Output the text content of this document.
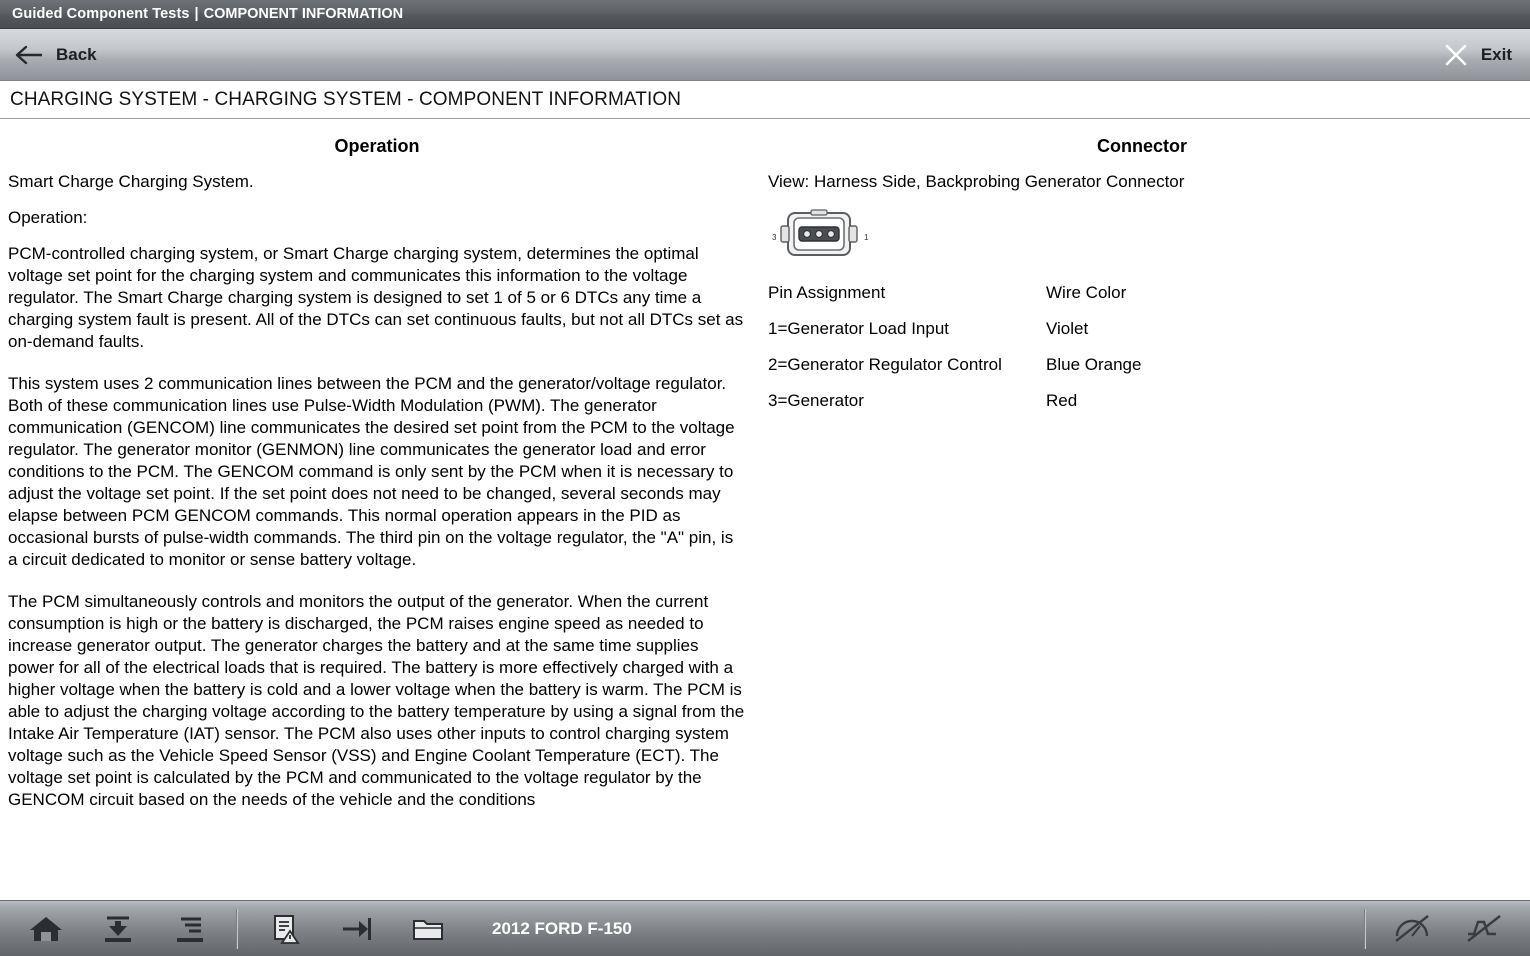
Guided Component Tests | COMPONENT INFORMATION
Back	Exit
CHARGING SYSTEM - CHARGING SYSTEM - COMPONENT INFORMATION
Operation

Smart Charge Charging System.

Operation:

PCM-controlled charging system, or Smart Charge charging system, determines the optimal voltage set point for the charging system and communicates this information to the voltage regulator. The Smart Charge charging system is designed to set 1 of 5 or 6 DTCs any time a charging system fault is present. All of the DTCs can set continuous faults, but not all DTCs set as on-demand faults.

This system uses 2 communication lines between the PCM and the generator/voltage regulator. Both of these communication lines use Pulse-Width Modulation (PWM). The generator communication (GENCOM) line communicates the desired set point from the PCM to the voltage regulator. The generator monitor (GENMON) line communicates the generator load and error conditions to the PCM. The GENCOM command is only sent by the PCM when it is necessary to adjust the voltage set point. If the set point does not need to be changed, several seconds may elapse between PCM GENCOM commands. This normal operation appears in the PID as occasional bursts of pulse-width commands. The third pin on the voltage regulator, the "A" pin, is a circuit dedicated to monitor or sense battery voltage.

The PCM simultaneously controls and monitors the output of the generator. When the current consumption is high or the battery is discharged, the PCM raises engine speed as needed to increase generator output. The generator charges the battery and at the same time supplies power for all of the electrical loads that is required. The battery is more effectively charged with a higher voltage when the battery is cold and a lower voltage when the battery is warm. The PCM is able to adjust the charging voltage according to the battery temperature by using a signal from the Intake Air Temperature (IAT) sensor. The PCM also uses other inputs to control charging system voltage such as the Vehicle Speed Sensor (VSS) and Engine Coolant Temperature (ECT). The voltage set point is calculated by the PCM and communicated to the voltage regulator by the GENCOM circuit based on the needs of the vehicle and the conditions

Connector
View: Harness Side, Backprobing Generator Connector
3	1
Pin Assignment	Wire Color
1=Generator Load Input	Violet
2=Generator Regulator Control	Blue Orange
3=Generator	Red
2012 FORD F-150
